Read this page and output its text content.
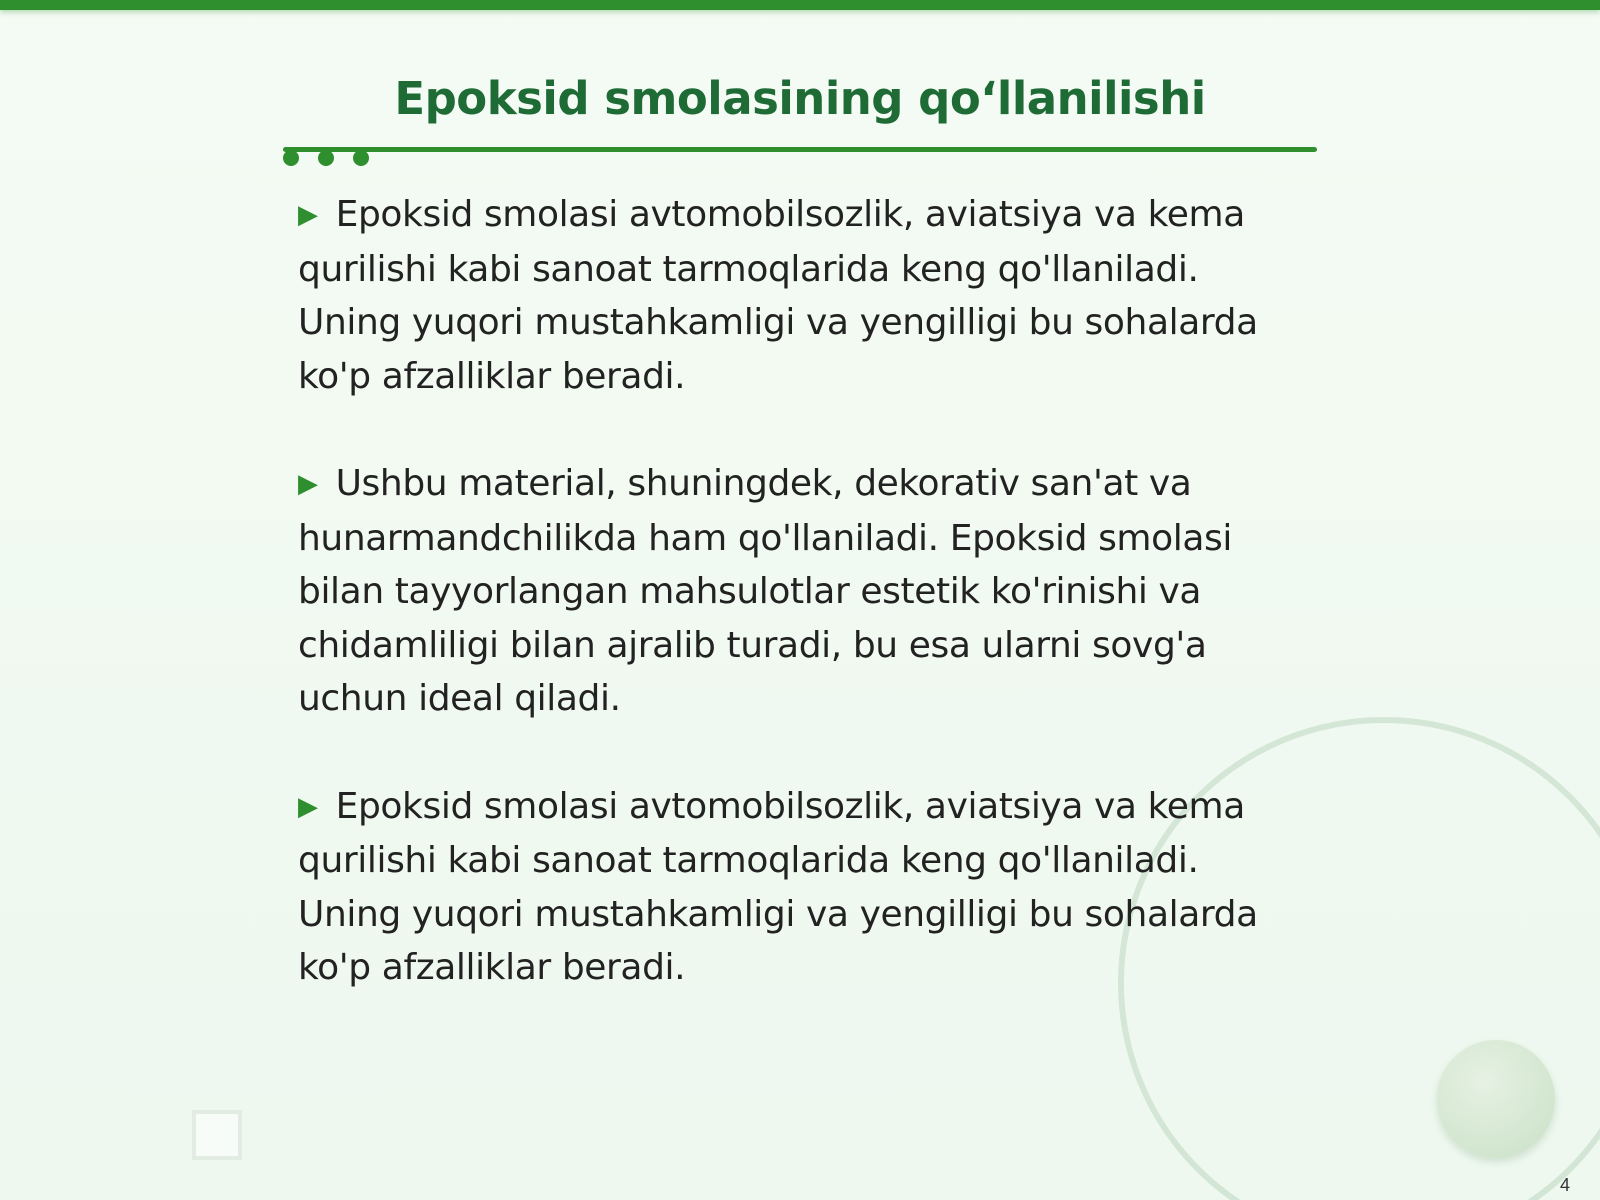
Epoksid smolasining qo‘llanilishi

▶ Epoksid smolasi avtomobilsozlik, aviatsiya va kema qurilishi kabi sanoat tarmoqlarida keng qo'llaniladi. Uning yuqori mustahkamligi va yengilligi bu sohalarda ko'p afzalliklar beradi.

▶ Ushbu material, shuningdek, dekorativ san'at va hunarmandchilikda ham qo'llaniladi. Epoksid smolasi bilan tayyorlangan mahsulotlar estetik ko'rinishi va chidamliligi bilan ajralib turadi, bu esa ularni sovg'a uchun ideal qiladi.

▶ Epoksid smolasi avtomobilsozlik, aviatsiya va kema qurilishi kabi sanoat tarmoqlarida keng qo'llaniladi. Uning yuqori mustahkamligi va yengilligi bu sohalarda ko'p afzalliklar beradi.

4
